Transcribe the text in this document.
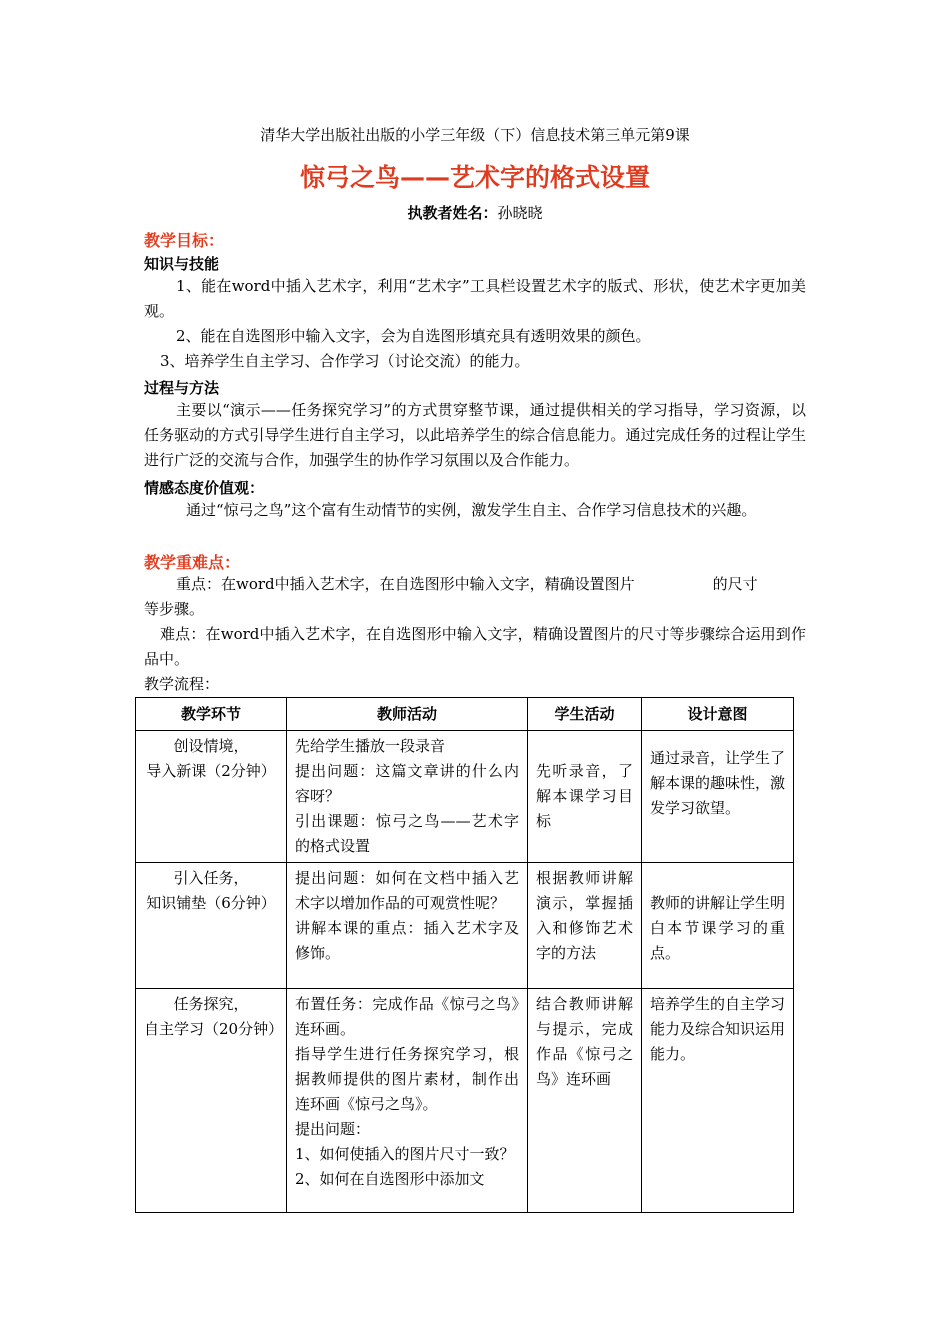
清华大学出版社出版的小学三年级（下）信息技术第三单元第9课
惊弓之鸟——艺术字的格式设置
执教者姓名：孙晓晓
教学目标：
知识与技能
1、能在word中插入艺术字，利用“艺术字”工具栏设置艺术字的版式、形状，使艺术字更加美观。
2、能在自选图形中输入文字，会为自选图形填充具有透明效果的颜色。
3、培养学生自主学习、合作学习（讨论交流）的能力。
过程与方法
主要以“演示——任务探究学习”的方式贯穿整节课，通过提供相关的学习指导，学习资源，以任务驱动的方式引导学生进行自主学习，以此培养学生的综合信息能力。通过完成任务的过程让学生进行广泛的交流与合作，加强学生的协作学习氛围以及合作能力。
情感态度价值观：
通过“惊弓之鸟”这个富有生动情节的实例，激发学生自主、合作学习信息技术的兴趣。
教学重难点：
重点：在word中插入艺术字，在自选图形中输入文字，精确设置图片	的尺寸
等步骤。
难点：在word中插入艺术字，在自选图形中输入文字，精确设置图片的尺寸等步骤综合运用到作品中。
教学流程：
教学环节	教师活动	学生活动	设计意图

创设情境，
导入新课（2分钟）	先给学生播放一段录音
提出问题：这篇文章讲的什么内容呀？
引出课题：惊弓之鸟——艺术字的格式设置	先听录音，了解本课学习目标	通过录音，让学生了解本课的趣味性，激发学习欲望。

引入任务，
知识铺垫（6分钟）	提出问题：如何在文档中插入艺术字以增加作品的可观赏性呢？
讲解本课的重点：插入艺术字及修饰。	根据教师讲解演示，掌握插入和修饰艺术字的方法	教师的讲解让学生明白本节课学习的重点。

任务探究，
自主学习（20分钟）	布置任务：完成作品《惊弓之鸟》连环画。
指导学生进行任务探究学习，根据教师提供的图片素材，制作出连环画《惊弓之鸟》。
提出问题：
1、如何使插入的图片尺寸一致？
2、如何在自选图形中添加文	结合教师讲解与提示，完成作品《惊弓之鸟》连环画	培养学生的自主学习能力及综合知识运用能力。
